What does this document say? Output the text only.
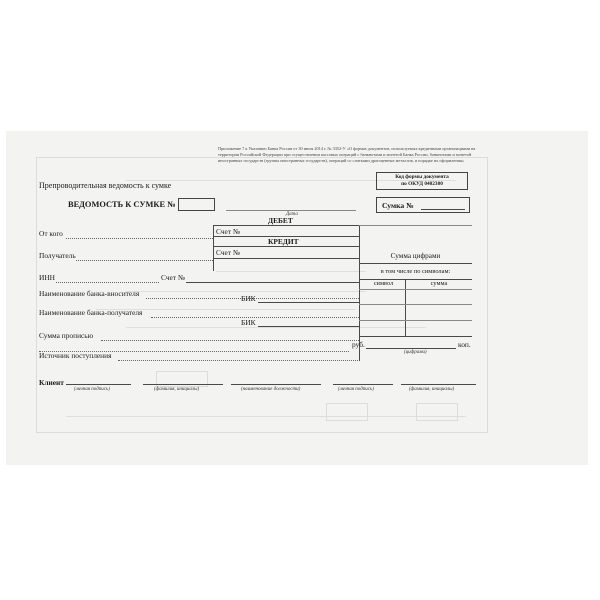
Приложение 7 к Указанию Банка России от 30 июля 2014 г. № 3352-У «О формах документов, используемых кредитными организациями на территории Российской Федерации при осуществлении кассовых операций с банкнотами и монетой Банка России, банкнотами и монетой иностранных государств (группы иностранных государств), операций со слитками драгоценных металлов, и порядке их оформления»
Код формы документа
по ОКУД 0402300
Препроводительная ведомость к сумке
ВЕДОМОСТЬ К СУМКЕ №
Дата
Сумка №
ДЕБЕТ
От кого	Счет №
КРЕДИТ
Счет №
Получатель	Сумма цифрами
в том числе по символам:
символ	сумма
ИНН	Счет №
Наименование банка-вносителя
БИК
Наименование банка-получателя
БИК
Сумма прописью
руб.	коп.
(цифрами)
Источник поступления
Клиент
(личная подпись)	(фамилия, инициалы)	(наименование должности)	(личная подпись)	(фамилия, инициалы)
